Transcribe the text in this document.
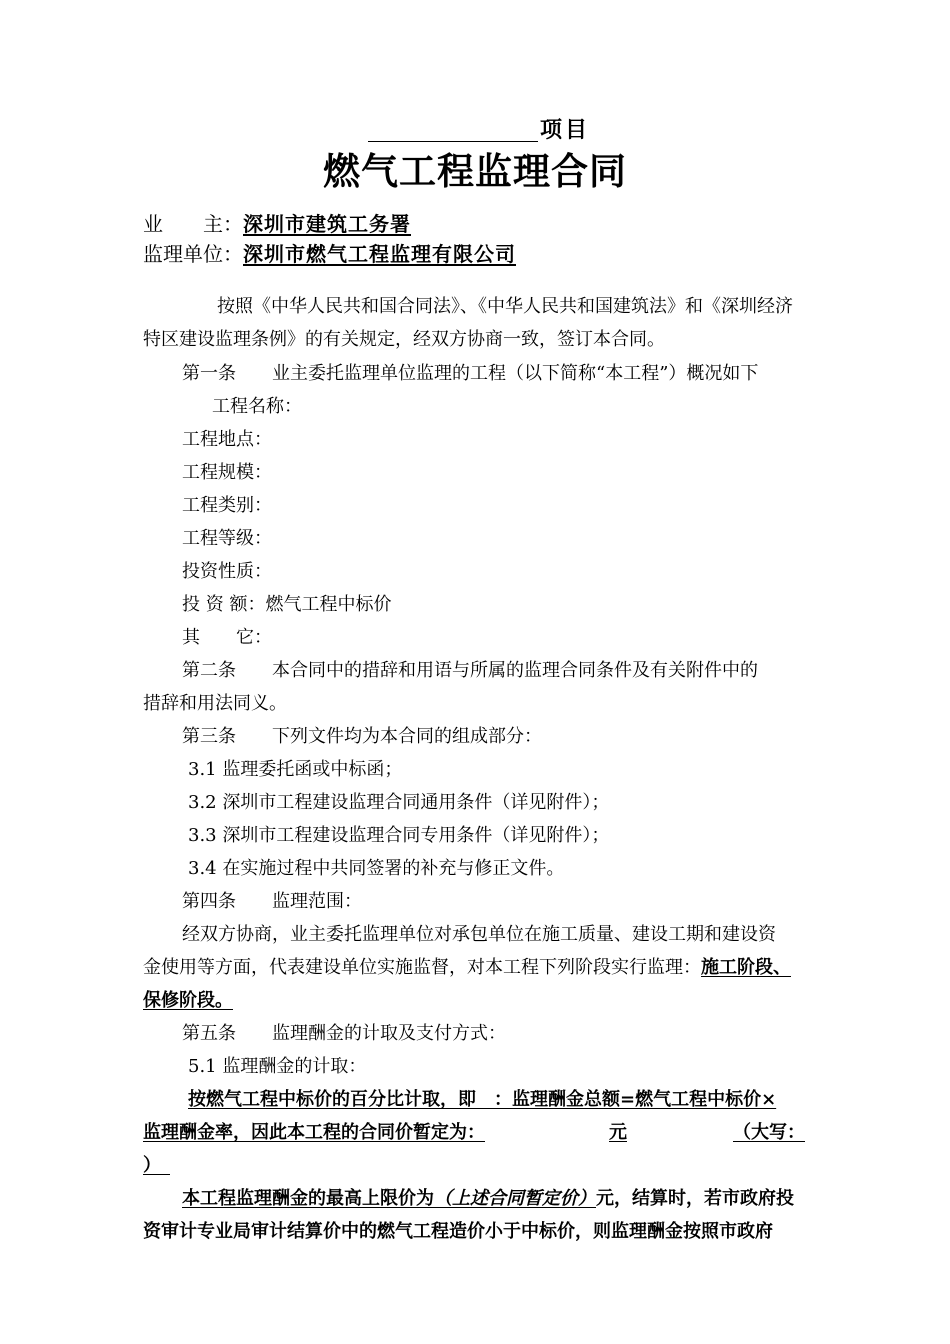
项目
燃气工程监理合同
业　　主：深圳市建筑工务署
监理单位：深圳市燃气工程监理有限公司
按照《中华人民共和国合同法》、《中华人民共和国建筑法》和《深圳经济
特区建设监理条例》的有关规定，经双方协商一致，签订本合同。
第一条　　业主委托监理单位监理的工程（以下简称“本工程”）概况如下
工程名称：
工程地点：
工程规模：
工程类别：
工程等级：
投资性质：
投 资 额：燃气工程中标价
其　　它：
第二条　　本合同中的措辞和用语与所属的监理合同条件及有关附件中的
措辞和用法同义。
第三条　　下列文件均为本合同的组成部分：
3.1 监理委托函或中标函；
3.2 深圳市工程建设监理合同通用条件（详见附件）；
3.3 深圳市工程建设监理合同专用条件（详见附件）；
3.4 在实施过程中共同签署的补充与修正文件。
第四条　　监理范围：
经双方协商，业主委托监理单位对承包单位在施工质量、建设工期和建设资
金使用等方面，代表建设单位实施监督，对本工程下列阶段实行监理：施工阶段、
保修阶段。
第五条　　监理酬金的计取及支付方式：
5.1 监理酬金的计取：
按燃气工程中标价的百分比计取，即　：监理酬金总额=燃气工程中标价×
监理酬金率，因此本工程的合同价暂定为：	元	（大写：
）　
本工程监理酬金的最高上限价为（上述合同暂定价）元，结算时，若市政府投
资审计专业局审计结算价中的燃气工程造价小于中标价，则监理酬金按照市政府
